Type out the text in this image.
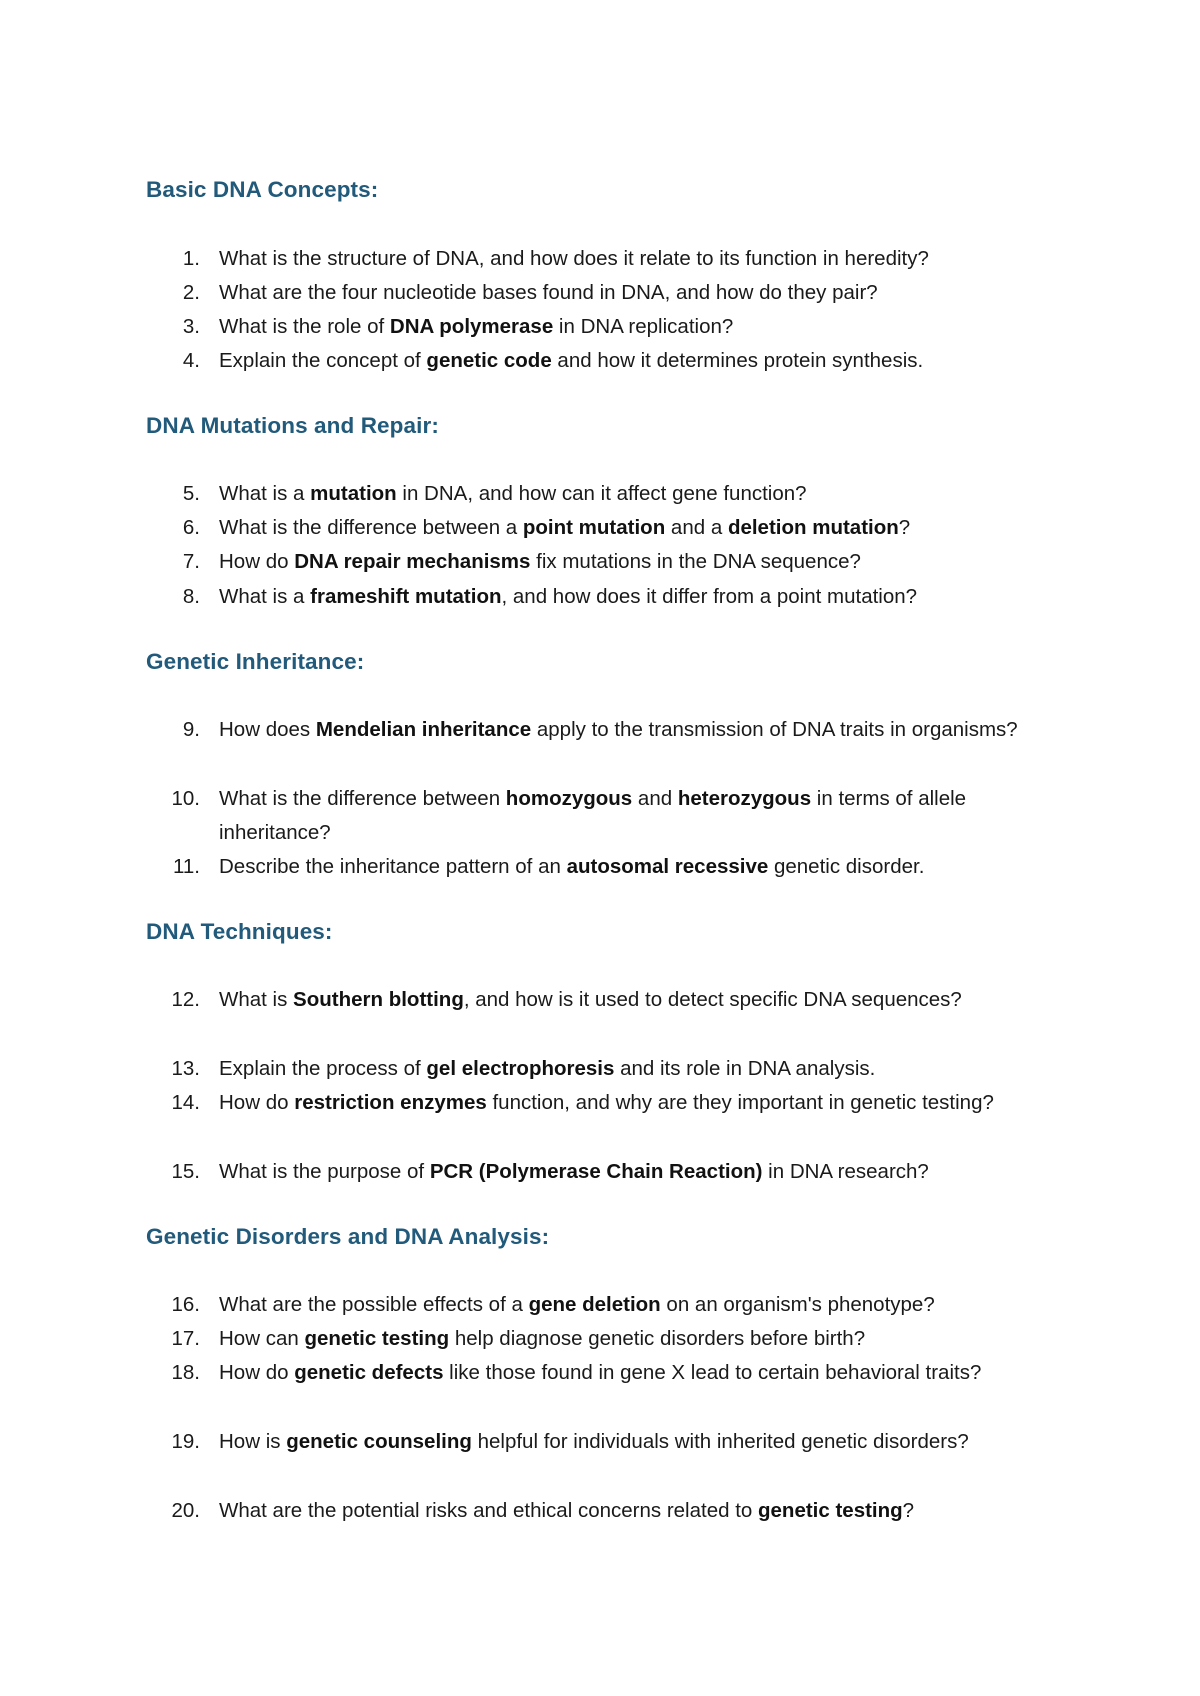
Basic DNA Concepts:
1. What is the structure of DNA, and how does it relate to its function in heredity?
2. What are the four nucleotide bases found in DNA, and how do they pair?
3. What is the role of DNA polymerase in DNA replication?
4. Explain the concept of genetic code and how it determines protein synthesis.
DNA Mutations and Repair:
5. What is a mutation in DNA, and how can it affect gene function?
6. What is the difference between a point mutation and a deletion mutation?
7. How do DNA repair mechanisms fix mutations in the DNA sequence?
8. What is a frameshift mutation, and how does it differ from a point mutation?
Genetic Inheritance:
9. How does Mendelian inheritance apply to the transmission of DNA traits in organisms?
10. What is the difference between homozygous and heterozygous in terms of allele inheritance?
11. Describe the inheritance pattern of an autosomal recessive genetic disorder.
DNA Techniques:
12. What is Southern blotting, and how is it used to detect specific DNA sequences?
13. Explain the process of gel electrophoresis and its role in DNA analysis.
14. How do restriction enzymes function, and why are they important in genetic testing?
15. What is the purpose of PCR (Polymerase Chain Reaction) in DNA research?
Genetic Disorders and DNA Analysis:
16. What are the possible effects of a gene deletion on an organism's phenotype?
17. How can genetic testing help diagnose genetic disorders before birth?
18. How do genetic defects like those found in gene X lead to certain behavioral traits?
19. How is genetic counseling helpful for individuals with inherited genetic disorders?
20. What are the potential risks and ethical concerns related to genetic testing?
